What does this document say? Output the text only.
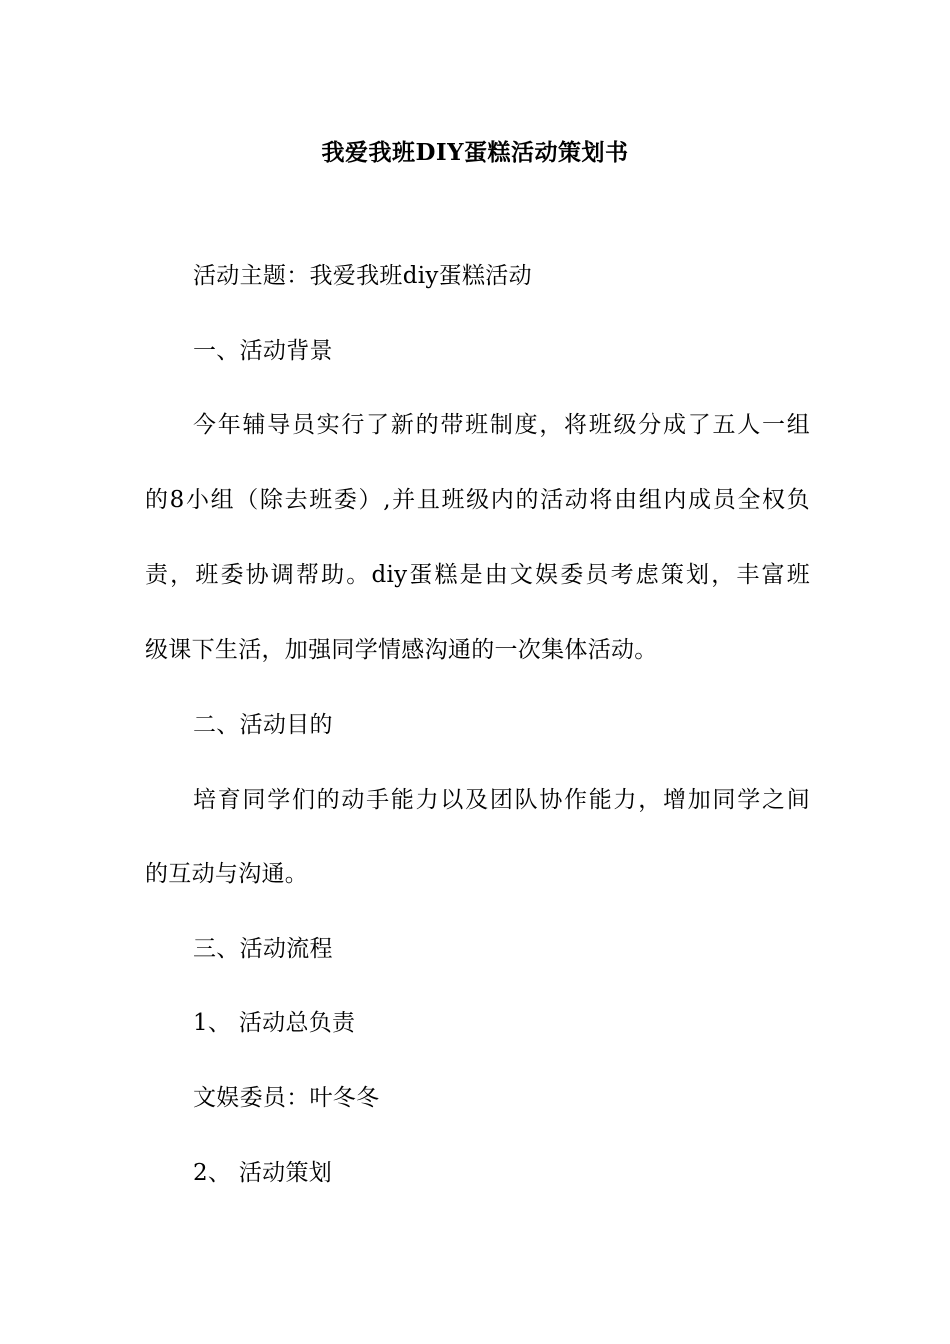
我爱我班DIY蛋糕活动策划书
活动主题：我爱我班diy蛋糕活动
一、活动背景
今年辅导员实行了新的带班制度，将班级分成了五人一组
的8小组（除去班委）,并且班级内的活动将由组内成员全权负
责，班委协调帮助。diy蛋糕是由文娱委员考虑策划，丰富班
级课下生活，加强同学情感沟通的一次集体活动。
二、活动目的
培育同学们的动手能力以及团队协作能力，增加同学之间
的互动与沟通。
三、活动流程
1、 活动总负责
文娱委员：叶冬冬
2、 活动策划
